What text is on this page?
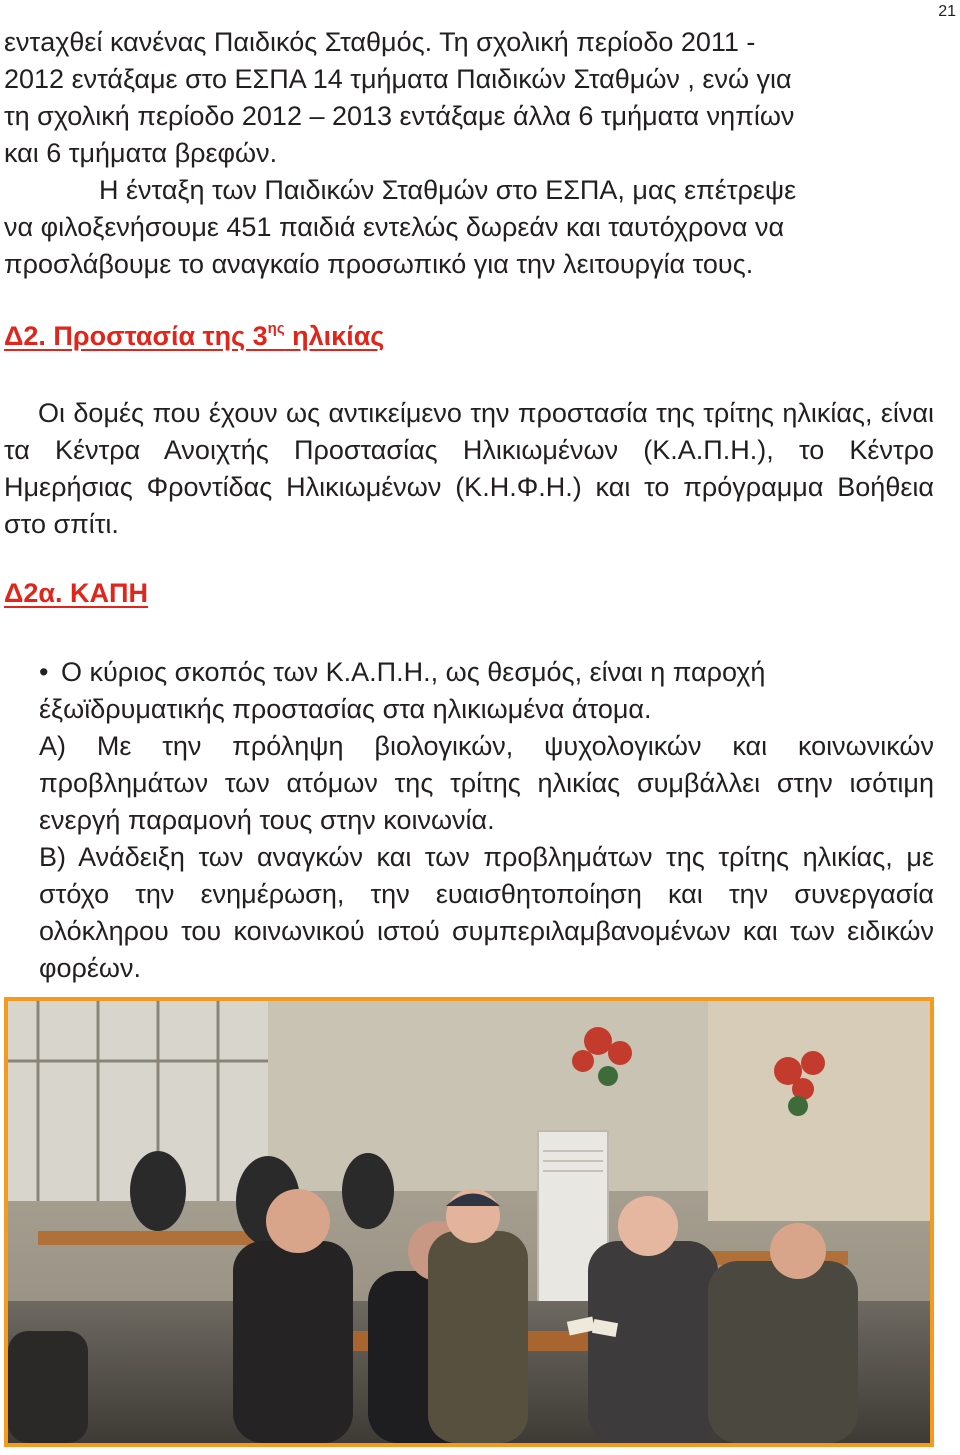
21
εντaχθεί κανένας Παιδικός Σταθμός. Τη σχολική περίοδο 2011 -
2012 εντάξαμε στο ΕΣΠΑ 14 τμήματα Παιδικών Σταθμών , ενώ για
τη σχολική περίοδο 2012 – 2013 εντάξαμε άλλα 6 τμήματα νηπίων
και 6 τμήματα βρεφών.
Η ένταξη των Παιδικών Σταθμών στο ΕΣΠΑ, μας επέτρεψε
να φιλοξενήσουμε 451 παιδιά εντελώς δωρεάν και ταυτόχρονα να
προσλάβουμε το αναγκαίο προσωπικό για την λειτουργία τους.
Δ2. Προστασία της $3^{\eta\varsigma}$ ηλικίας
Οι δομές που έχουν ως αντικείμενο την προστασία της τρίτης ηλικίας, είναι τα Κέντρα Ανοιχτής Προστασίας Ηλικιωμένων (Κ.Α.Π.Η.), το Κέντρο Ημερήσιας Φροντίδας Ηλικιωμένων (Κ.Η.Φ.Η.) και το πρόγραμμα Βοήθεια στο σπίτι.
Δ2α. ΚΑΠΗ
• Ο κύριος σκοπός των Κ.Α.Π.Η., ως θεσμός, είναι η παροχή
έξωϊδρυματικής προστασίας στα ηλικιωμένα άτομα.
Α) Με την πρόληψη βιολογικών, ψυχολογικών και κοινωνικών προβλημάτων των ατόμων της τρίτης ηλικίας συμβάλλει στην ισότιμη ενεργή παραμονή τους στην κοινωνία.
Β) Ανάδειξη των αναγκών και των προβλημάτων της τρίτης ηλικίας, με στόχο την ενημέρωση, την ευαισθητοποίηση και την συνεργασία ολόκληρου του κοινωνικού ιστού συμπεριλαμβανομένων και των ειδικών φορέων.
